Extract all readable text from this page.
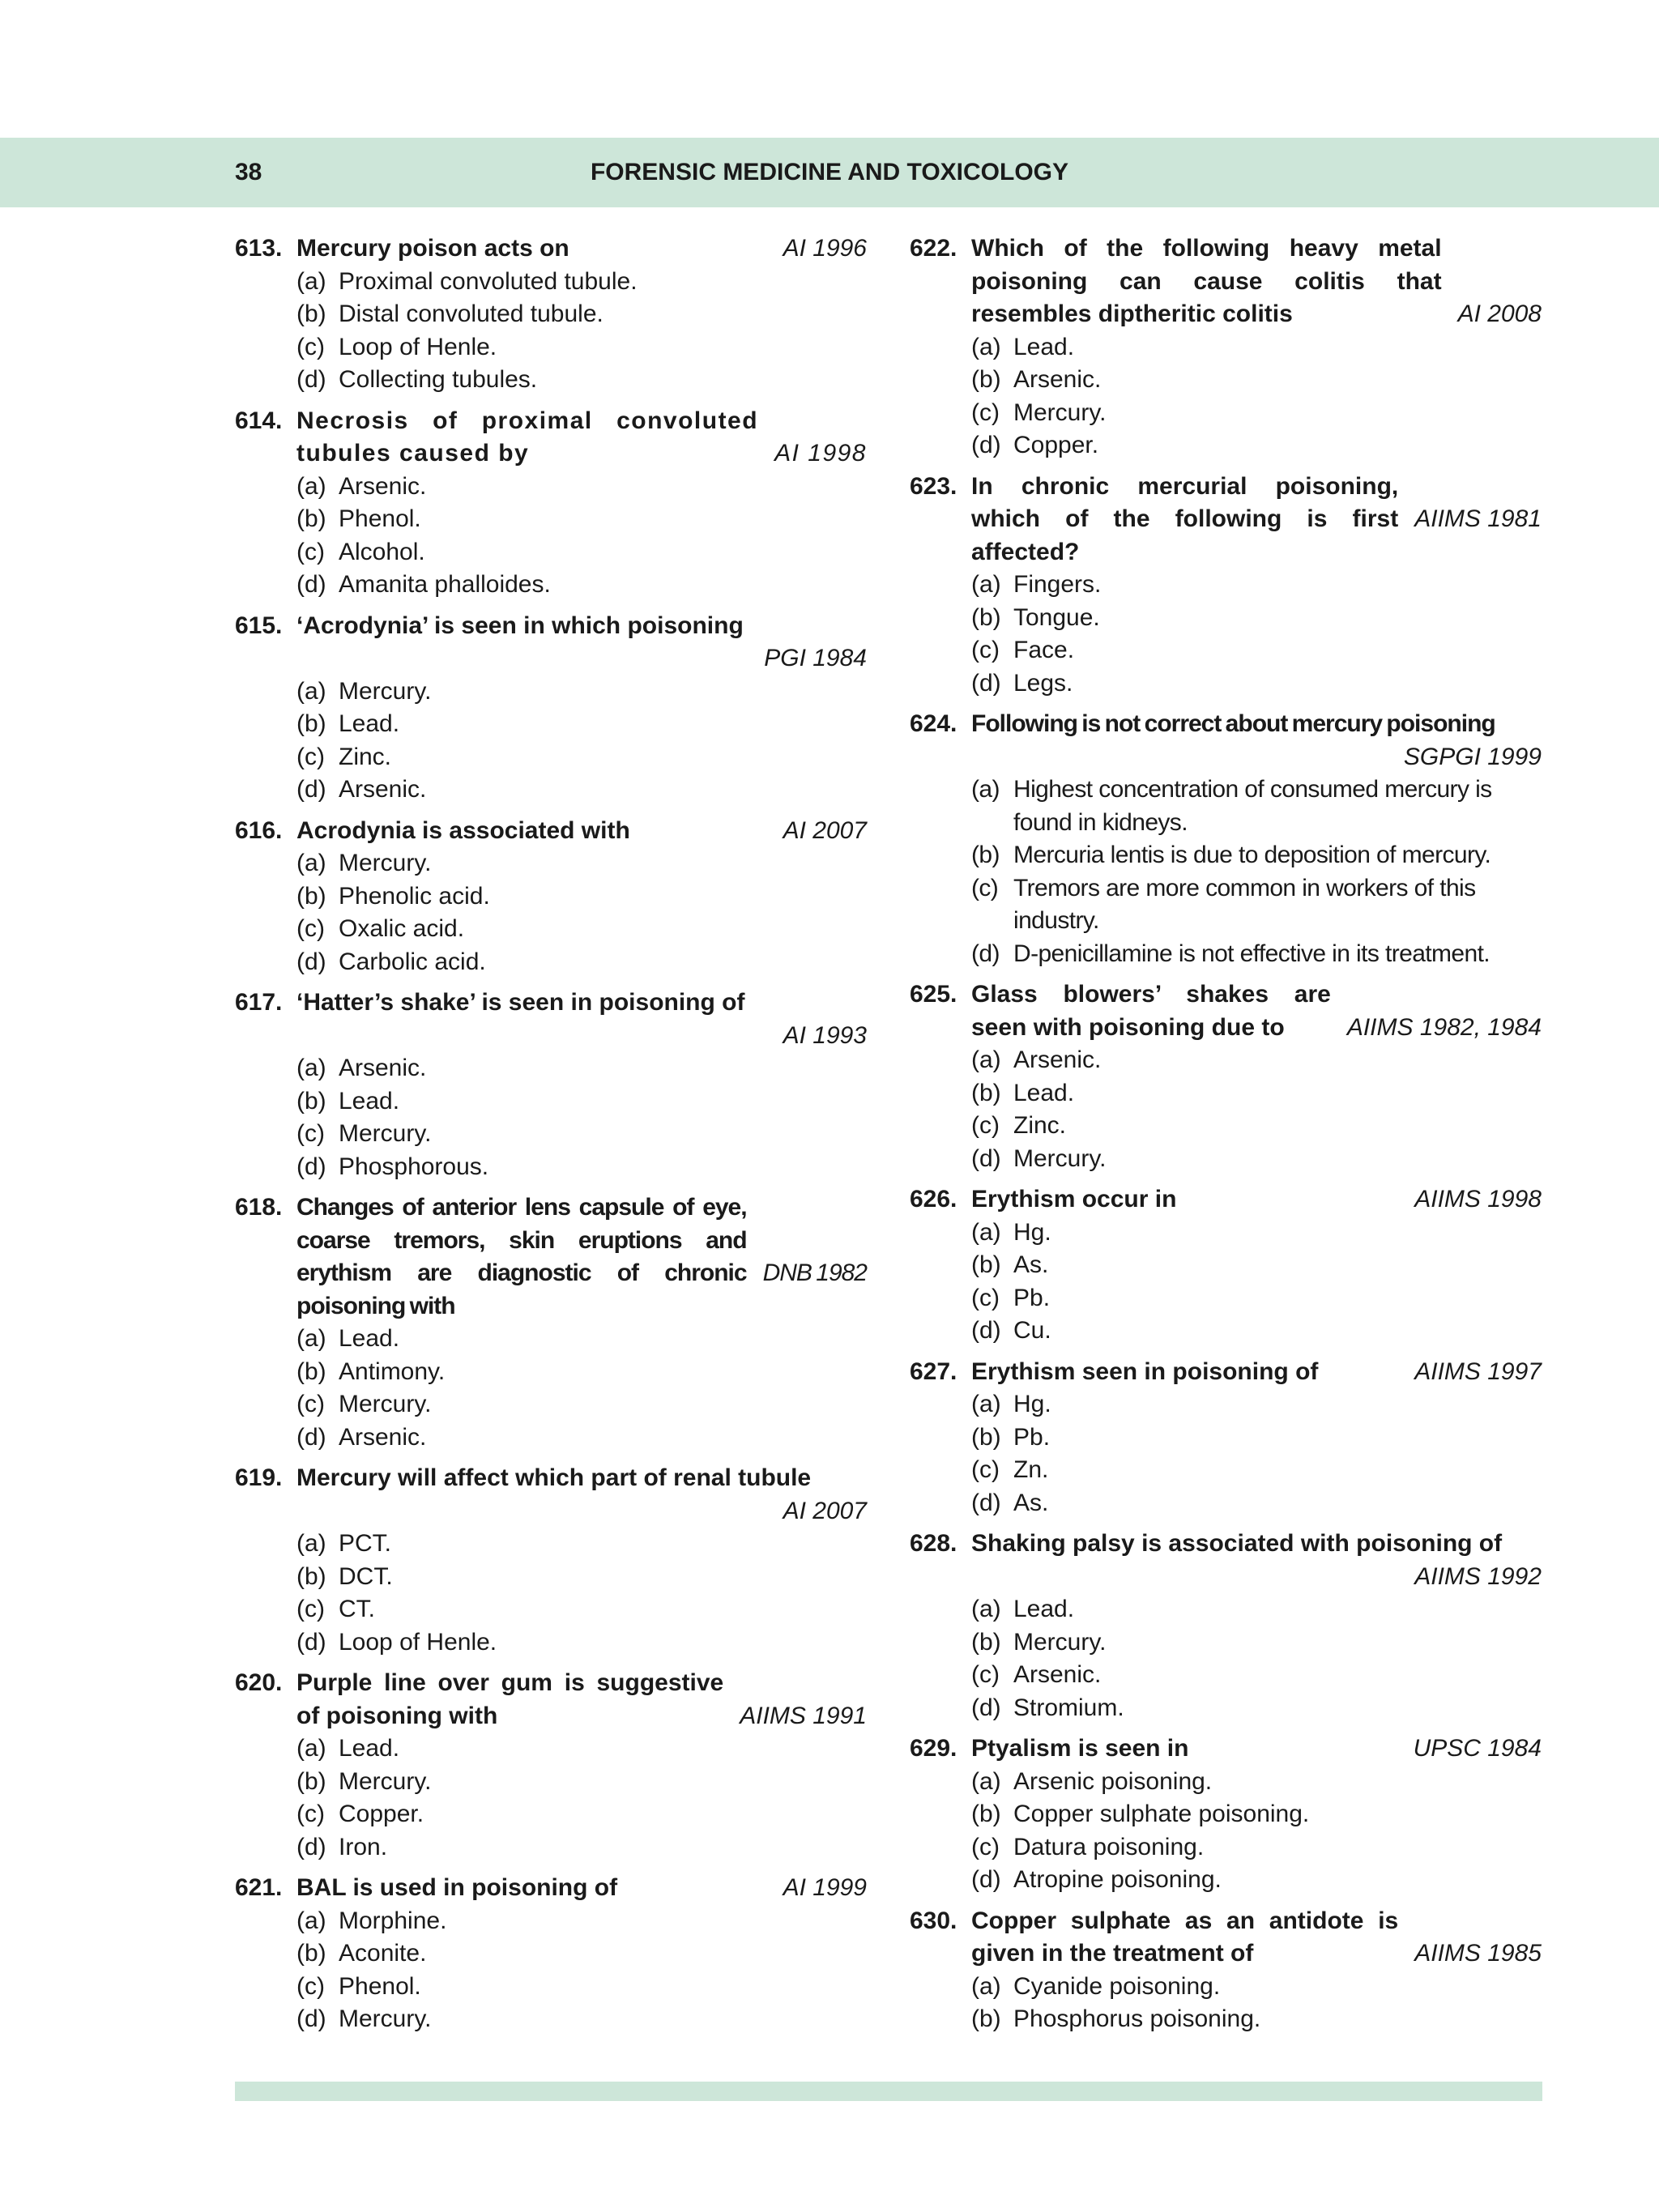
38	FORENSIC MEDICINE AND TOXICOLOGY
613.	AI 1996
Mercury poison acts on
(a) Proximal convoluted tubule.
(b) Distal convoluted tubule.
(c) Loop of Henle.
(d) Collecting tubules.
614.
AI 1998
Necrosis of proximal convoluted tubules caused by
(a) Arsenic.
(b) Phenol.
(c) Alcohol.
(d) Amanita phalloides.
615. ‘Acrodynia’ is seen in which poisoning
PGI 1984
(a) Mercury.
(b) Lead.
(c) Zinc.
(d) Arsenic.
616.	AI 2007
Acrodynia is associated with
(a) Mercury.
(b) Phenolic acid.
(c) Oxalic acid.
(d) Carbolic acid.
617. ‘Hatter’s shake’ is seen in poisoning of
AI 1993
(a) Arsenic.
(b) Lead.
(c) Mercury.
(d) Phosphorous.
618.
DNB 1982
Changes of anterior lens capsule of eye, coarse tremors, skin eruptions and erythism are diagnostic of chronic poisoning with
(a) Lead.
(b) Antimony.
(c) Mercury.
(d) Arsenic.
619. Mercury will affect which part of renal tubule
AI 2007
(a) PCT.
(b) DCT.
(c) CT.
(d) Loop of Henle.
620.
AIIMS 1991
Purple line over gum is suggestive of poisoning with
(a) Lead.
(b) Mercury.
(c) Copper.
(d) Iron.
621.	AI 1999
BAL is used in poisoning of
(a) Morphine.
(b) Aconite.
(c) Phenol.
(d) Mercury.
622.
AI 2008
Which of the following heavy metal poisoning can cause colitis that resembles diptheritic colitis
(a) Lead.
(b) Arsenic.
(c) Mercury.
(d) Copper.
623.
AIIMS 1981
In chronic mercurial poisoning, which of the following is first affected?
(a) Fingers.
(b) Tongue.
(c) Face.
(d) Legs.
624. Following is not correct about mercury poisoning
SGPGI 1999
(a) Highest concentration of consumed mercury is found in kidneys.
(b) Mercuria lentis is due to deposition of mercury.
(c) Tremors are more common in workers of this industry.
(d) D-penicillamine is not effective in its treatment.
625.
AIIMS 1982, 1984
Glass blowers’ shakes are seen with poisoning due to
(a) Arsenic.
(b) Lead.
(c) Zinc.
(d) Mercury.
626.	AIIMS 1998
Erythism occur in
(a) Hg.
(b) As.
(c) Pb.
(d) Cu.
627.	AIIMS 1997
Erythism seen in poisoning of
(a) Hg.
(b) Pb.
(c) Zn.
(d) As.
628. Shaking palsy is associated with poisoning of
AIIMS 1992
(a) Lead.
(b) Mercury.
(c) Arsenic.
(d) Stromium.
629.	UPSC 1984
Ptyalism is seen in
(a) Arsenic poisoning.
(b) Copper sulphate poisoning.
(c) Datura poisoning.
(d) Atropine poisoning.
630.
AIIMS 1985
Copper sulphate as an antidote is given in the treatment of
(a) Cyanide poisoning.
(b) Phosphorus poisoning.
